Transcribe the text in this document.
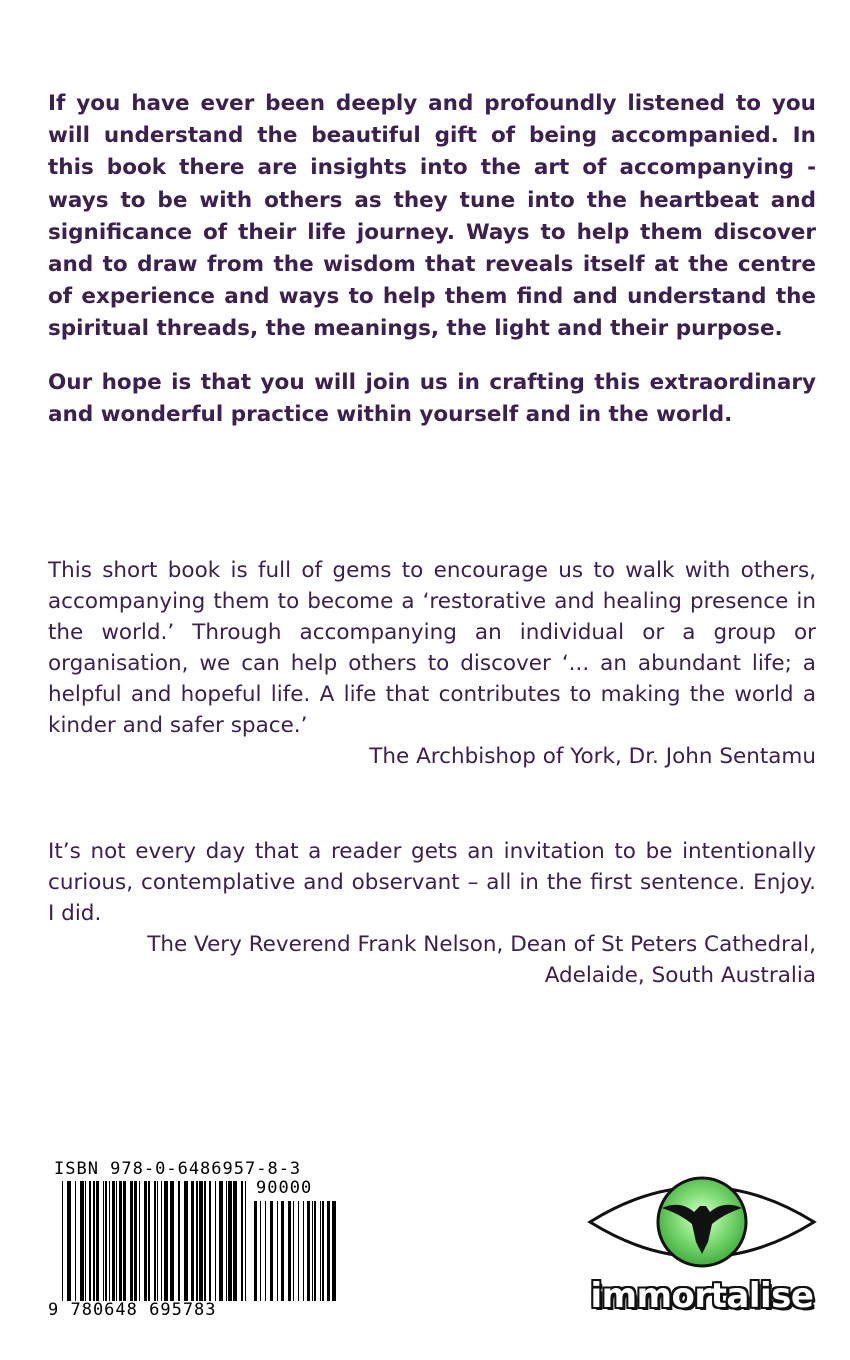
If you have ever been deeply and profoundly listened to you will understand the beautiful gift of being accompanied. In this book there are insights into the art of accompanying - ways to be with others as they tune into the heartbeat and significance of their life journey. Ways to help them discover and to draw from the wisdom that reveals itself at the centre of experience and ways to help them find and understand the spiritual threads, the meanings, the light and their purpose.

Our hope is that you will join us in crafting this extraordinary and wonderful practice within yourself and in the world.

This short book is full of gems to encourage us to walk with others, accompanying them to become a ‘restorative and healing presence in the world.’ Through accompanying an individual or a group or organisation, we can help others to discover ‘... an abundant life; a helpful and hopeful life. A life that contributes to making the world a kinder and safer space.’
The Archbishop of York, Dr. John Sentamu

It’s not every day that a reader gets an invitation to be intentionally curious, contemplative and observant – all in the first sentence. Enjoy. I did.
The Very Reverend Frank Nelson, Dean of St Peters Cathedral,
Adelaide, South Australia

ISBN 978-0-6486957-8-3
90000
9 780648 695783	immortalise
